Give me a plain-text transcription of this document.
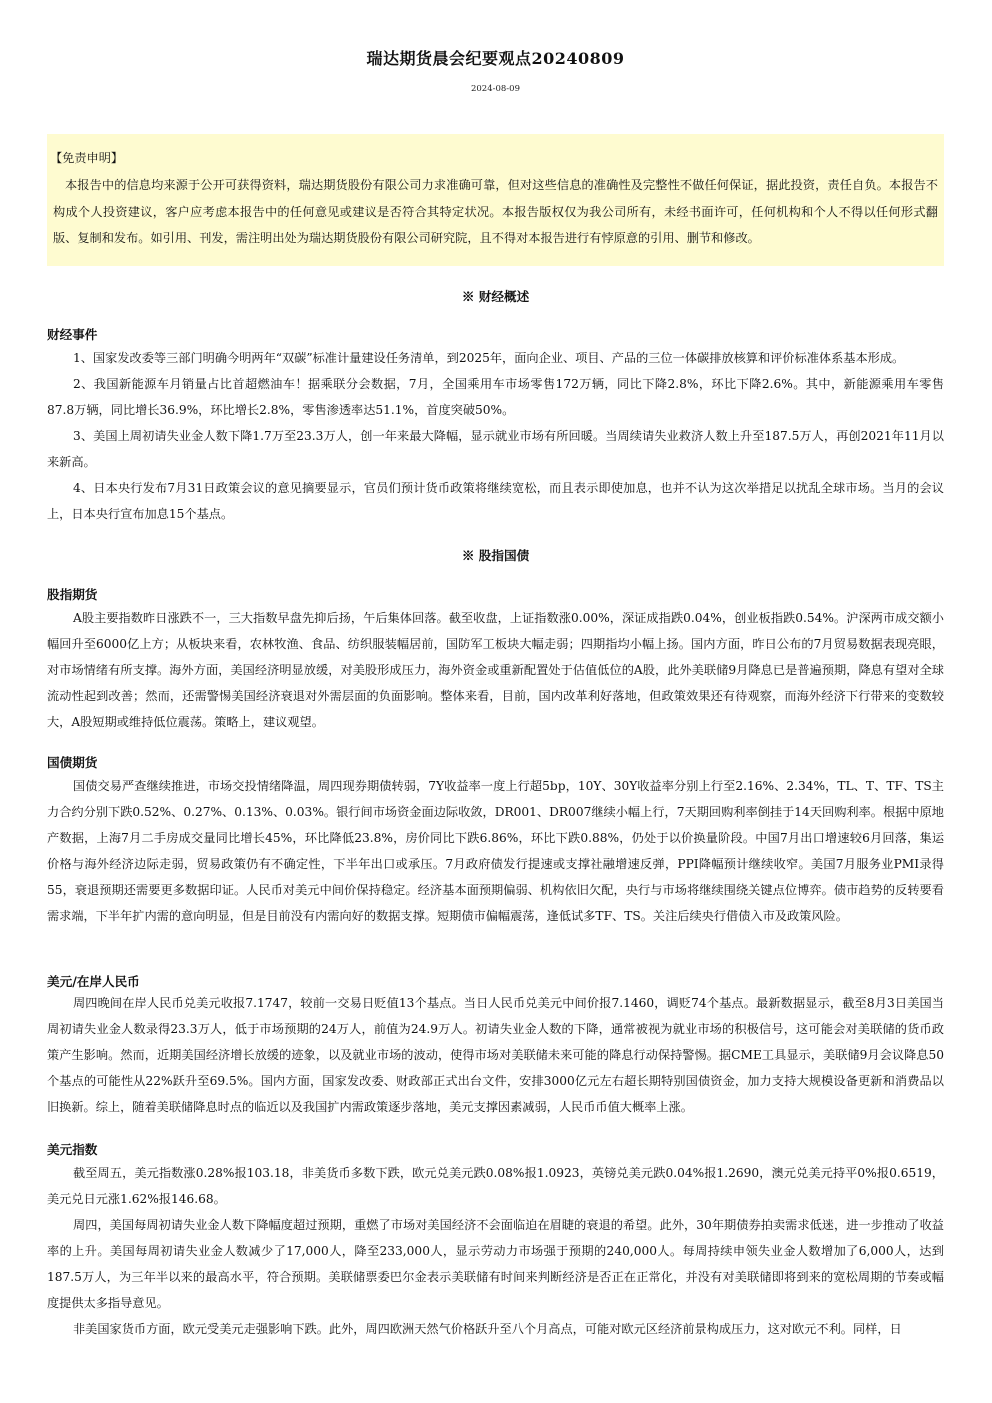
瑞达期货晨会纪要观点20240809
2024-08-09
【免责申明】
本报告中的信息均来源于公开可获得资料，瑞达期货股份有限公司力求准确可靠，但对这些信息的准确性及完整性不做任何保证，据此投资，责任自负。本报告不构成个人投资建议，客户应考虑本报告中的任何意见或建议是否符合其特定状况。本报告版权仅为我公司所有，未经书面许可，任何机构和个人不得以任何形式翻版、复制和发布。如引用、刊发，需注明出处为瑞达期货股份有限公司研究院，且不得对本报告进行有悖原意的引用、删节和修改。
※ 财经概述
财经事件

1、国家发改委等三部门明确今明两年“双碳”标准计量建设任务清单，到2025年，面向企业、项目、产品的三位一体碳排放核算和评价标准体系基本形成。

2、我国新能源车月销量占比首超燃油车！据乘联分会数据，7月，全国乘用车市场零售172万辆，同比下降2.8%，环比下降2.6%。其中，新能源乘用车零售87.8万辆，同比增长36.9%，环比增长2.8%，零售渗透率达51.1%，首度突破50%。

3、美国上周初请失业金人数下降1.7万至23.3万人，创一年来最大降幅，显示就业市场有所回暖。当周续请失业救济人数上升至187.5万人，再创2021年11月以来新高。

4、日本央行发布7月31日政策会议的意见摘要显示，官员们预计货币政策将继续宽松，而且表示即使加息，也并不认为这次举措足以扰乱全球市场。当月的会议上，日本央行宣布加息15个基点。

※ 股指国债
股指期货

A股主要指数昨日涨跌不一，三大指数早盘先抑后扬，午后集体回落。截至收盘，上证指数涨0.00%，深证成指跌0.04%，创业板指跌0.54%。沪深两市成交额小幅回升至6000亿上方；从板块来看，农林牧渔、食品、纺织服装幅居前，国防军工板块大幅走弱；四期指均小幅上扬。国内方面，昨日公布的7月贸易数据表现亮眼，对市场情绪有所支撑。海外方面，美国经济明显放缓，对美股形成压力，海外资金或重新配置处于估值低位的A股，此外美联储9月降息已是普遍预期，降息有望对全球流动性起到改善；然而，还需警惕美国经济衰退对外需层面的负面影响。整体来看，目前，国内改革利好落地，但政策效果还有待观察，而海外经济下行带来的变数较大，A股短期或维持低位震荡。策略上，建议观望。

国债期货

国债交易严查继续推进，市场交投情绪降温，周四现券期债转弱，7Y收益率一度上行超5bp，10Y、30Y收益率分别上行至2.16%、2.34%，TL、T、TF、TS主力合约分别下跌0.52%、0.27%、0.13%、0.03%。银行间市场资金面边际收敛，DR001、DR007继续小幅上行，7天期回购利率倒挂于14天回购利率。根据中原地产数据，上海7月二手房成交量同比增长45%，环比降低23.8%，房价同比下跌6.86%，环比下跌0.88%，仍处于以价换量阶段。中国7月出口增速较6月回落，集运价格与海外经济边际走弱，贸易政策仍有不确定性，下半年出口或承压。7月政府债发行提速或支撑社融增速反弹，PPI降幅预计继续收窄。美国7月服务业PMI录得55，衰退预期还需要更多数据印证。人民币对美元中间价保持稳定。经济基本面预期偏弱、机构依旧欠配，央行与市场将继续围绕关键点位博弈。债市趋势的反转要看需求端，下半年扩内需的意向明显，但是目前没有内需向好的数据支撑。短期债市偏幅震荡，逢低试多TF、TS。关注后续央行借债入市及政策风险。

美元/在岸人民币

周四晚间在岸人民币兑美元收报7.1747，较前一交易日贬值13个基点。当日人民币兑美元中间价报7.1460，调贬74个基点。最新数据显示，截至8月3日美国当周初请失业金人数录得23.3万人，低于市场预期的24万人，前值为24.9万人。初请失业金人数的下降，通常被视为就业市场的积极信号，这可能会对美联储的货币政策产生影响。然而，近期美国经济增长放缓的迹象，以及就业市场的波动，使得市场对美联储未来可能的降息行动保持警惕。据CME工具显示，美联储9月会议降息50个基点的可能性从22%跃升至69.5%。国内方面，国家发改委、财政部正式出台文件，安排3000亿元左右超长期特别国债资金，加力支持大规模设备更新和消费品以旧换新。综上，随着美联储降息时点的临近以及我国扩内需政策逐步落地，美元支撑因素减弱，人民币币值大概率上涨。

美元指数

截至周五，美元指数涨0.28%报103.18，非美货币多数下跌，欧元兑美元跌0.08%报1.0923，英镑兑美元跌0.04%报1.2690，澳元兑美元持平0%报0.6519，美元兑日元涨1.62%报146.68。

周四，美国每周初请失业金人数下降幅度超过预期，重燃了市场对美国经济不会面临迫在眉睫的衰退的希望。此外，30年期债券拍卖需求低迷，进一步推动了收益率的上升。美国每周初请失业金人数减少了17,000人，降至233,000人，显示劳动力市场强于预期的240,000人。每周持续申领失业金人数增加了6,000人，达到187.5万人，为三年半以来的最高水平，符合预期。美联储票委巴尔金表示美联储有时间来判断经济是否正在正常化，并没有对美联储即将到来的宽松周期的节奏或幅度提供太多指导意见。

非美国家货币方面，欧元受美元走强影响下跌。此外，周四欧洲天然气价格跃升至八个月高点，可能对欧元区经济前景构成压力，这对欧元不利。同样，日
